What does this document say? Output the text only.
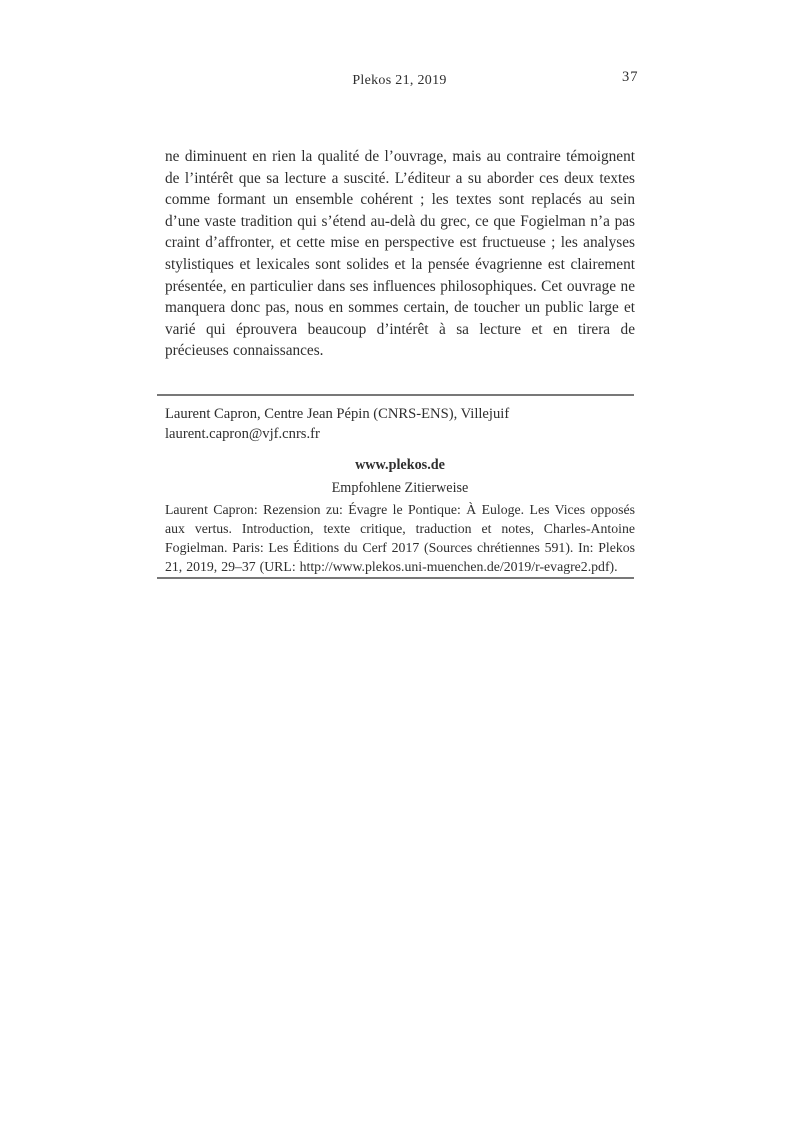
Plekos 21, 2019	37

ne diminuent en rien la qualité de l’ouvrage, mais au contraire témoignent de l’intérêt que sa lecture a suscité. L’éditeur a su aborder ces deux textes comme formant un ensemble cohérent ; les textes sont replacés au sein d’une vaste tradition qui s’étend au-delà du grec, ce que Fogielman n’a pas craint d’affronter, et cette mise en perspective est fructueuse ; les analyses stylistiques et lexicales sont solides et la pensée évagrienne est clairement présentée, en particulier dans ses influences philosophiques. Cet ouvrage ne manquera donc pas, nous en sommes certain, de toucher un public large et varié qui éprouvera beaucoup d’intérêt à sa lecture et en tirera de précieuses connaissances.

Laurent Capron, Centre Jean Pépin (CNRS-ENS), Villejuif
laurent.capron@vjf.cnrs.fr
www.plekos.de
Empfohlene Zitierweise

Laurent Capron: Rezension zu: Évagre le Pontique: À Euloge. Les Vices opposés aux vertus. Introduction, texte critique, traduction et notes, Charles-Antoine Fogielman. Paris: Les Éditions du Cerf 2017 (Sources chrétiennes 591). In: Plekos 21, 2019, 29–37 (URL: http://www.plekos.uni-muenchen.de/2019/r-evagre2.pdf).
